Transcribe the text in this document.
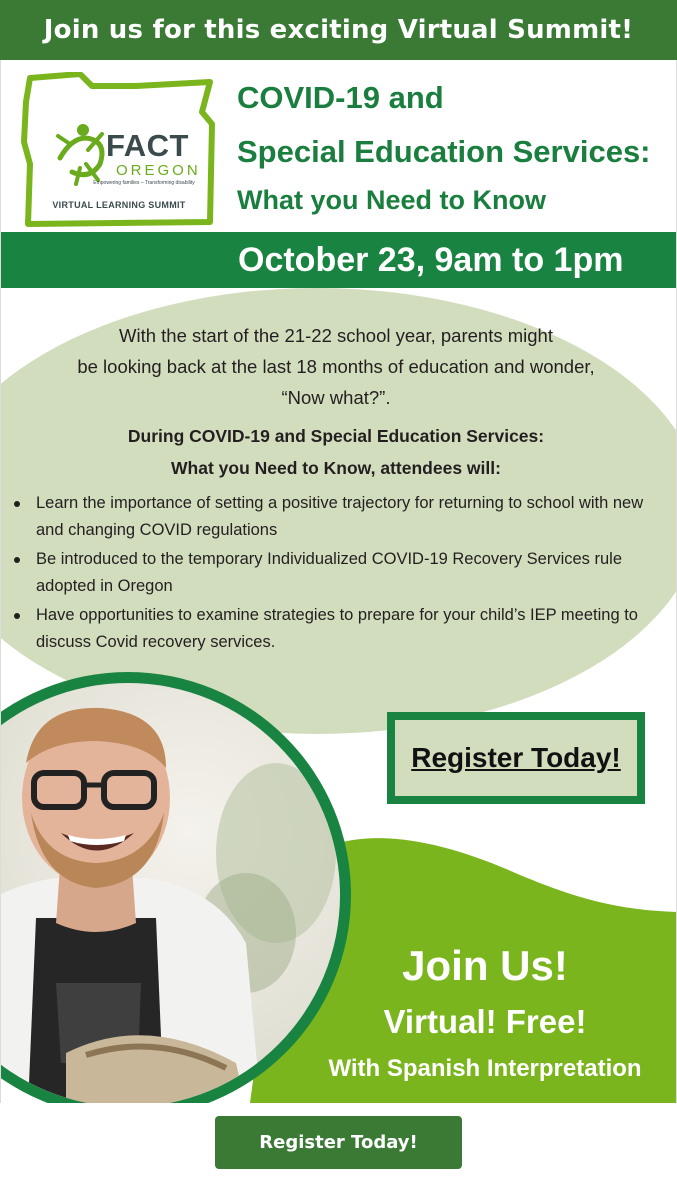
Join us for this exciting Virtual Summit!
FACT
OREGON
Empowering families – Transforming disability
VIRTUAL LEARNING SUMMIT
COVID-19 and
Special Education Services:
What you Need to Know
October 23, 9am to 1pm
With the start of the 21-22 school year, parents might
be looking back at the last 18 months of education and wonder,
“Now what?”.
During COVID-19 and Special Education Services:
What you Need to Know, attendees will:
Learn the importance of setting a positive trajectory for returning to school with new and changing COVID regulations
Be introduced to the temporary Individualized COVID-19 Recovery Services rule adopted in Oregon
Have opportunities to examine strategies to prepare for your child’s IEP meeting to discuss Covid recovery services.
Register Today!
Join Us!
Virtual! Free!
With Spanish Interpretation
Register Today!
